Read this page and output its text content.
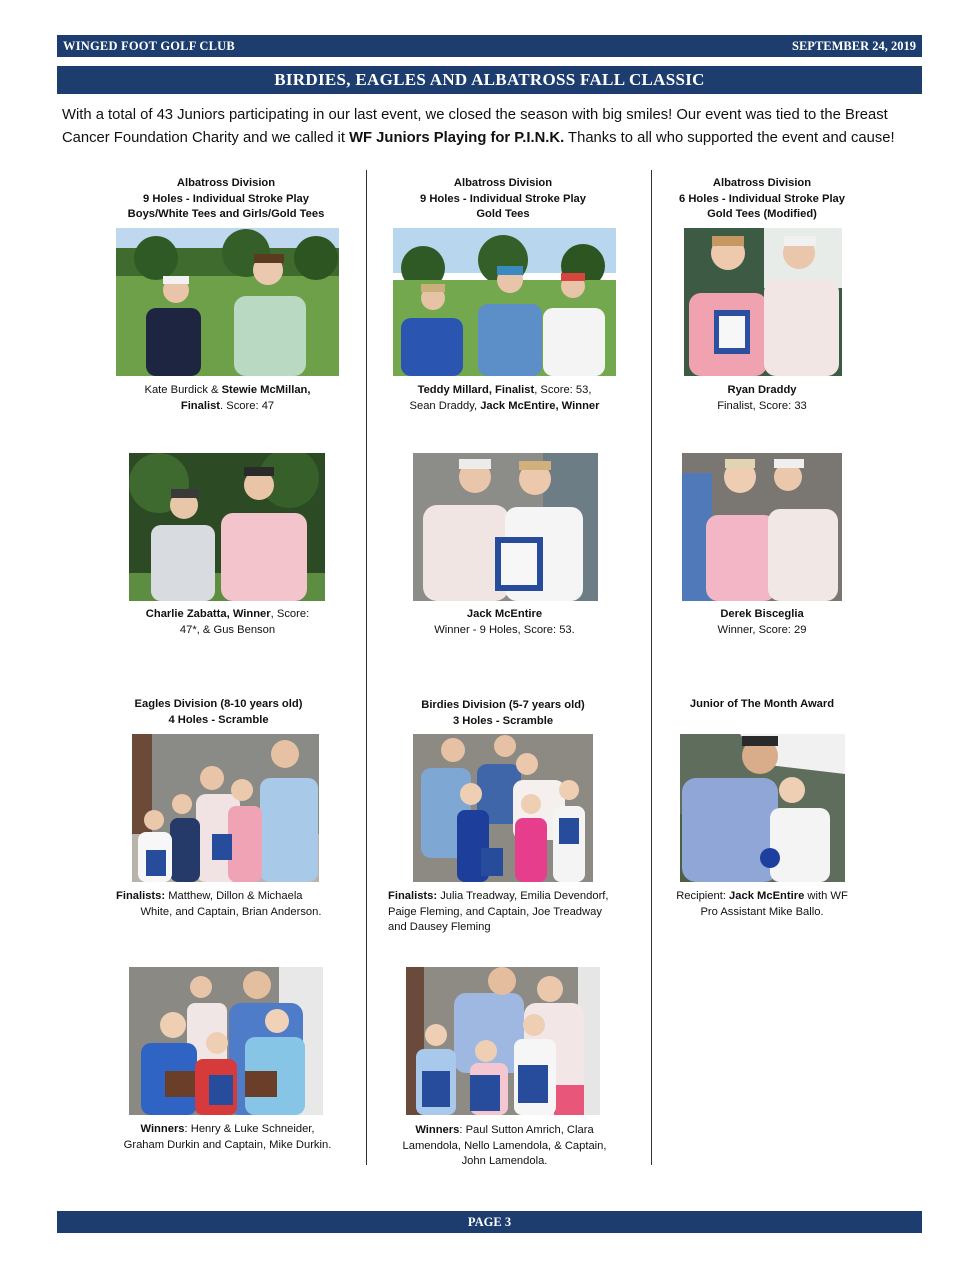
WINGED FOOT GOLF CLUB	SEPTEMBER 24, 2019
BIRDIES, EAGLES AND ALBATROSS FALL CLASSIC
With a total of 43 Juniors participating in our last event, we closed the season with big smiles! Our event was tied to the Breast Cancer Foundation Charity and we called it WF Juniors Playing for P.I.N.K. Thanks to all who supported the event and cause!
Albatross Division
9 Holes - Individual Stroke Play
Boys/White Tees and Girls/Gold Tees
Albatross Division
9 Holes - Individual Stroke Play
Gold Tees
Albatross Division
6 Holes - Individual Stroke Play
Gold Tees (Modified)
Kate Burdick & Stewie McMillan,
Finalist. Score: 47
Teddy Millard, Finalist, Score: 53,
Sean Draddy, Jack McEntire, Winner
Ryan Draddy
Finalist, Score: 33
Charlie Zabatta, Winner, Score:
47*, & Gus Benson
Jack McEntire
Winner - 9 Holes, Score: 53.
Derek Bisceglia
Winner, Score: 29
Eagles Division (8-10 years old)
4 Holes - Scramble
Birdies Division (5-7 years old)
3 Holes - Scramble
Junior of The Month Award
Finalists: Matthew, Dillon & Michaela
White, and Captain, Brian Anderson.
Finalists: Julia Treadway, Emilia Devendorf,
Paige Fleming, and Captain, Joe Treadway
and Dausey Fleming
Recipient: Jack McEntire with WF
Pro Assistant Mike Ballo.
Winners: Henry & Luke Schneider,
Graham Durkin and Captain, Mike Durkin.
Winners: Paul Sutton Amrich, Clara
Lamendola, Nello Lamendola, & Captain,
John Lamendola.
PAGE 3
